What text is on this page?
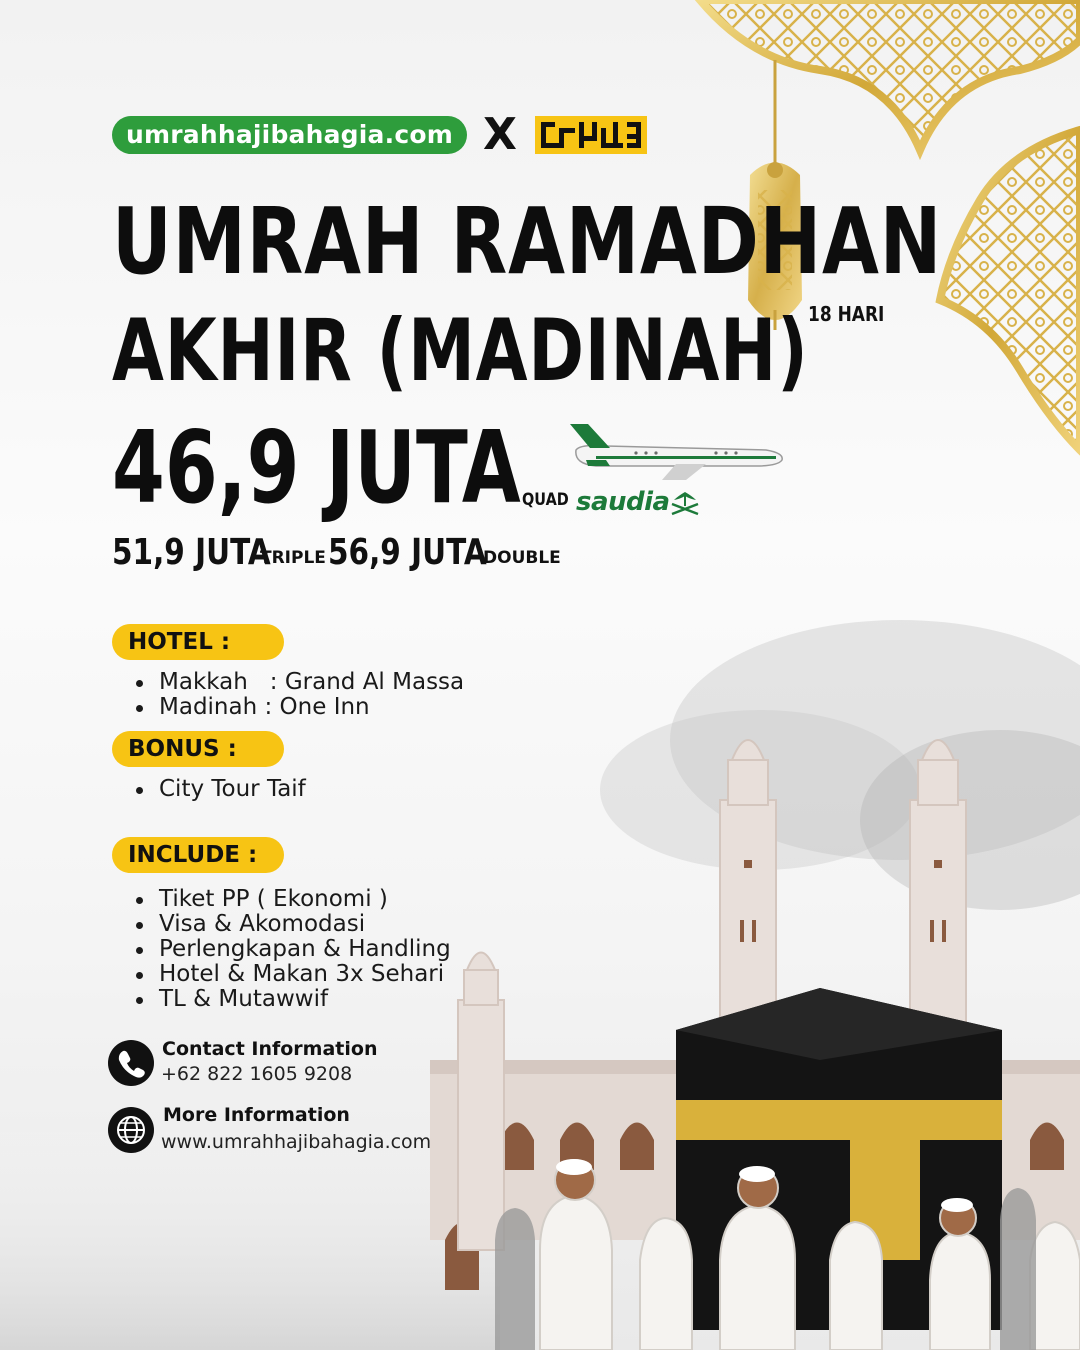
umrahhajibahagia.com X
UMRAH RAMADHAN
AKHIR (MADINAH) 18 HARI
46,9 JUTA QUAD
51,9 JUTA
TRIPLE 56,9 JUTA
DOUBLE
saudia
HOTEL :
Makkah   : Grand Al Massa
Madinah : One Inn
BONUS :
City Tour Taif
INCLUDE :
Tiket PP ( Ekonomi )
Visa & Akomodasi
Perlengkapan & Handling
Hotel & Makan 3x Sehari
TL & Mutawwif
Contact Information
+62 822 1605 9208
More Information
www.umrahhajibahagia.com
